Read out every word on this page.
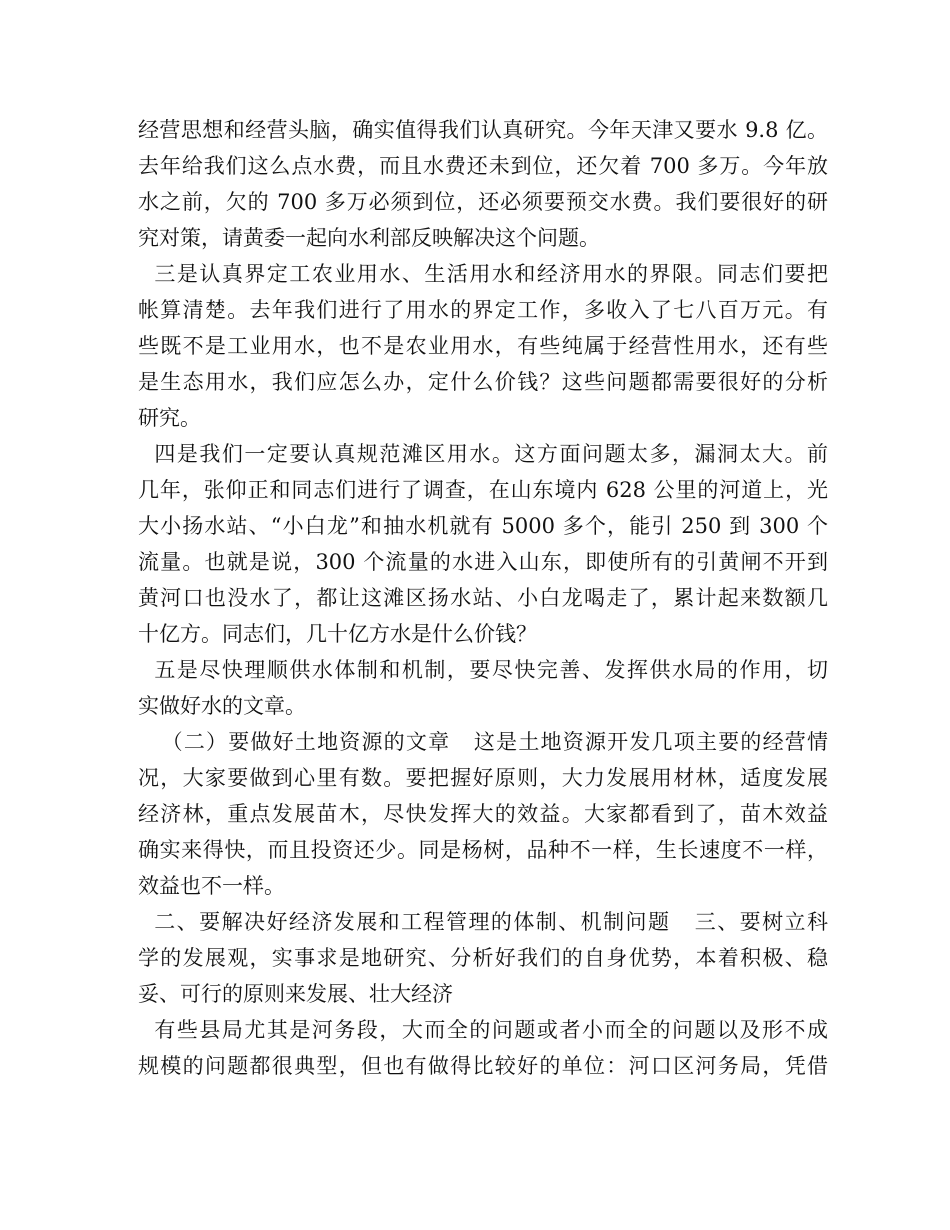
经营思想和经营头脑，确实值得我们认真研究。今年天津又要水 9.8 亿。
去年给我们这么点水费，而且水费还未到位，还欠着 700 多万。今年放
水之前，欠的 700 多万必须到位，还必须要预交水费。我们要很好的研
究对策，请黄委一起向水利部反映解决这个问题。
三是认真界定工农业用水、生活用水和经济用水的界限。同志们要把
帐算清楚。去年我们进行了用水的界定工作，多收入了七八百万元。有
些既不是工业用水，也不是农业用水，有些纯属于经营性用水，还有些
是生态用水，我们应怎么办，定什么价钱？这些问题都需要很好的分析
研究。
四是我们一定要认真规范滩区用水。这方面问题太多，漏洞太大。前
几年，张仰正和同志们进行了调查，在山东境内 628 公里的河道上，光
大小扬水站、“小白龙”和抽水机就有 5000 多个，能引 250 到 300 个
流量。也就是说，300 个流量的水进入山东，即使所有的引黄闸不开到
黄河口也没水了，都让这滩区扬水站、小白龙喝走了，累计起来数额几
十亿方。同志们，几十亿方水是什么价钱？
五是尽快理顺供水体制和机制，要尽快完善、发挥供水局的作用，切
实做好水的文章。
（二）要做好土地资源的文章   这是土地资源开发几项主要的经营情
况，大家要做到心里有数。要把握好原则，大力发展用材林，适度发展
经济林，重点发展苗木，尽快发挥大的效益。大家都看到了，苗木效益
确实来得快，而且投资还少。同是杨树，品种不一样，生长速度不一样，
效益也不一样。
二、要解决好经济发展和工程管理的体制、机制问题   三、要树立科
学的发展观，实事求是地研究、分析好我们的自身优势，本着积极、稳
妥、可行的原则来发展、壮大经济
有些县局尤其是河务段，大而全的问题或者小而全的问题以及形不成
规模的问题都很典型，但也有做得比较好的单位：河口区河务局，凭借
